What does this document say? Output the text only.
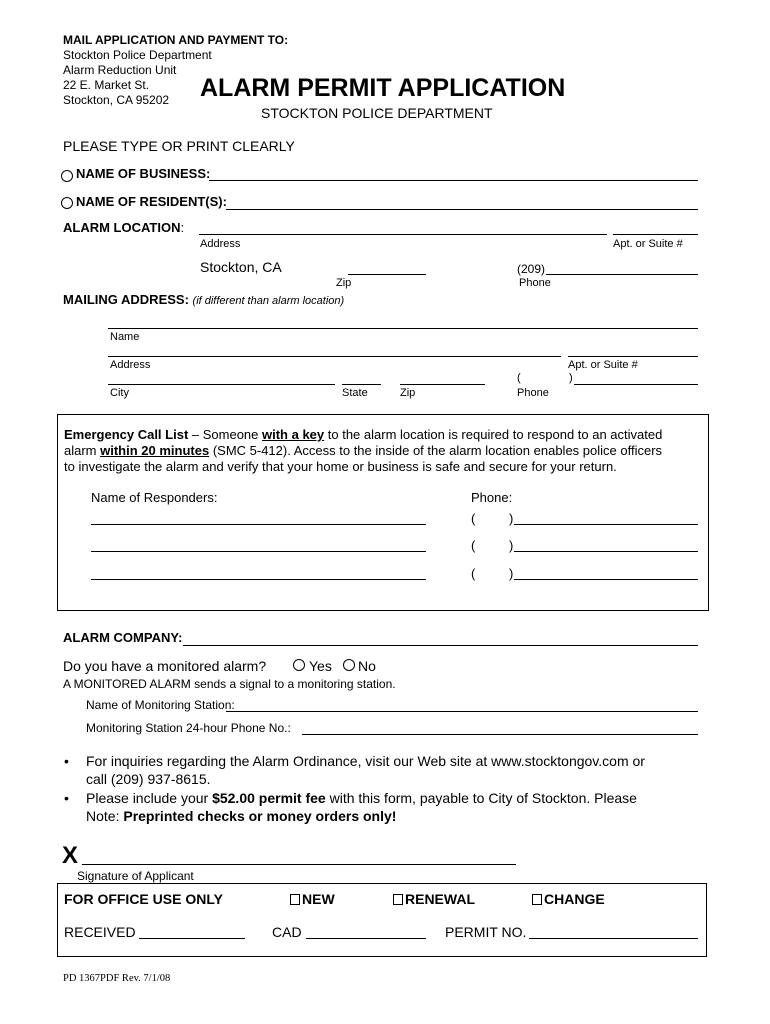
MAIL APPLICATION AND PAYMENT TO:
Stockton Police Department
Alarm Reduction Unit
22 E. Market St.
Stockton, CA 95202 ALARM PERMIT APPLICATION
STOCKTON POLICE DEPARTMENT
PLEASE TYPE OR PRINT CLEARLY
NAME OF BUSINESS:
NAME OF RESIDENT(S):
ALARM LOCATION:
Address	Apt. or Suite #
Stockton, CA	(209)
Zip	Phone
MAILING ADDRESS: (if different than alarm location)
Name
Address	Apt. or Suite #
(	)
City	State	Zip	Phone
Emergency Call List – Someone with a key to the alarm location is required to respond to an activated
alarm within 20 minutes (SMC 5-412). Access to the inside of the alarm location enables police officers
to investigate the alarm and verify that your home or business is safe and secure for your return.
Name of Responders:	Phone:
(	)
(	)
(	)
ALARM COMPANY:
Do you have a monitored alarm?	Yes No
A MONITORED ALARM sends a signal to a monitoring station.
Name of Monitoring Station:
Monitoring Station 24-hour Phone No.:
• For inquiries regarding the Alarm Ordinance, visit our Web site at www.stocktongov.com or
call (209) 937-8615.
• Please include your $52.00 permit fee with this form, payable to City of Stockton. Please
Note: Preprinted checks or money orders only!
X
Signature of Applicant
FOR OFFICE USE ONLY	NEW	RENEWAL	CHANGE
RECEIVED	CAD	PERMIT NO.
PD 1367PDF Rev. 7/1/08
